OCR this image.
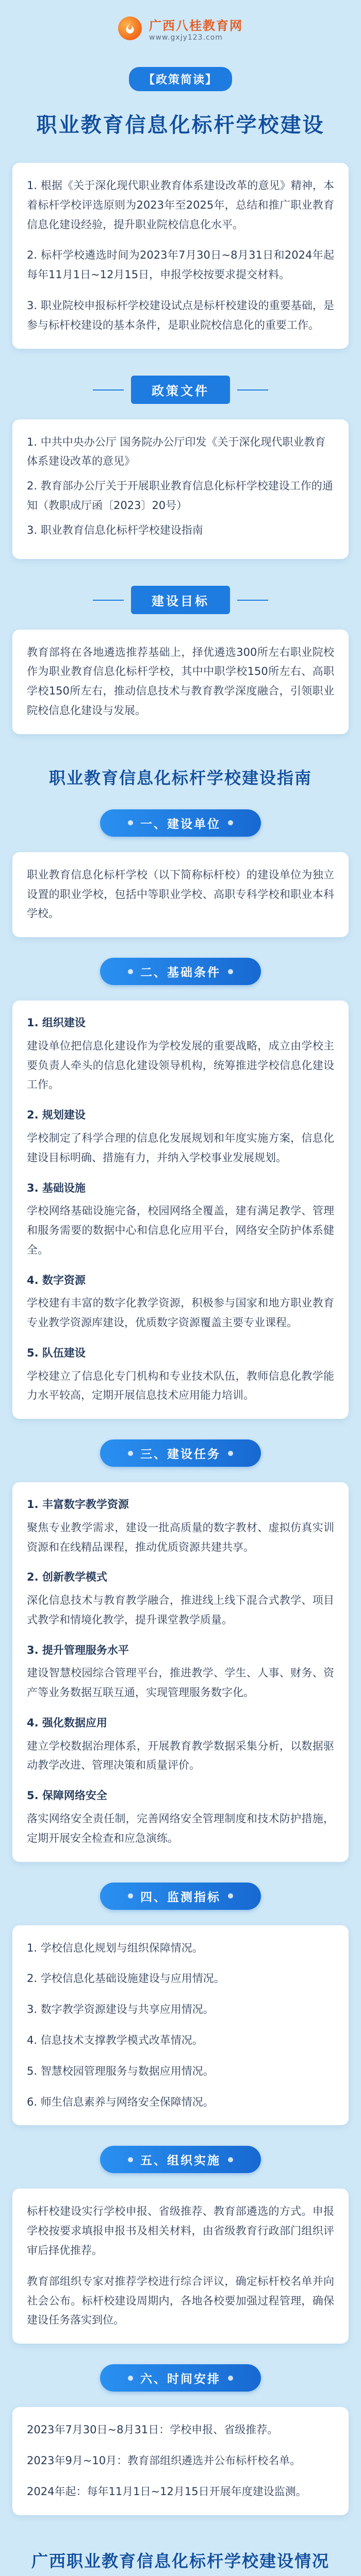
广西八桂教育网
www.gxjy123.com
【政策简读】
职业教育信息化标杆学校建设

1. 根据《关于深化现代职业教育体系建设改革的意见》精神，本着标杆学校评选原则为2023年至2025年，总结和推广职业教育信息化建设经验，提升职业院校信息化水平。

2. 标杆学校遴选时间为2023年7月30日~8月31日和2024年起每年11月1日~12月15日，申报学校按要求提交材料。

3. 职业院校申报标杆学校建设试点是标杆校建设的重要基础，是参与标杆校建设的基本条件，是职业院校信息化的重要工作。

政策文件
1. 中共中央办公厅 国务院办公厅印发《关于深化现代职业教育体系建设改革的意见》
2. 教育部办公厅关于开展职业教育信息化标杆学校建设工作的通知（教职成厅函〔2023〕20号）
3. 职业教育信息化标杆学校建设指南
建设目标

教育部将在各地遴选推荐基础上，择优遴选300所左右职业院校作为职业教育信息化标杆学校，其中中职学校150所左右、高职学校150所左右，推动信息技术与教育教学深度融合，引领职业院校信息化建设与发展。

职业教育信息化标杆学校建设指南
一、建设单位

职业教育信息化标杆学校（以下简称标杆校）的建设单位为独立设置的职业学校，包括中等职业学校、高职专科学校和职业本科学校。

二、基础条件

1. 组织建设

建设单位把信息化建设作为学校发展的重要战略，成立由学校主要负责人牵头的信息化建设领导机构，统筹推进学校信息化建设工作。

2. 规划建设

学校制定了科学合理的信息化发展规划和年度实施方案，信息化建设目标明确、措施有力，并纳入学校事业发展规划。

3. 基础设施

学校网络基础设施完备，校园网络全覆盖，建有满足教学、管理和服务需要的数据中心和信息化应用平台，网络安全防护体系健全。

4. 数字资源

学校建有丰富的数字化教学资源，积极参与国家和地方职业教育专业教学资源库建设，优质数字资源覆盖主要专业课程。

5. 队伍建设

学校建立了信息化专门机构和专业技术队伍，教师信息化教学能力水平较高，定期开展信息技术应用能力培训。

三、建设任务

1. 丰富数字教学资源

聚焦专业教学需求，建设一批高质量的数字教材、虚拟仿真实训资源和在线精品课程，推动优质资源共建共享。

2. 创新教学模式

深化信息技术与教育教学融合，推进线上线下混合式教学、项目式教学和情境化教学，提升课堂教学质量。

3. 提升管理服务水平

建设智慧校园综合管理平台，推进教学、学生、人事、财务、资产等业务数据互联互通，实现管理服务数字化。

4. 强化数据应用

建立学校数据治理体系，开展教育教学数据采集分析，以数据驱动教学改进、管理决策和质量评价。

5. 保障网络安全

落实网络安全责任制，完善网络安全管理制度和技术防护措施，定期开展安全检查和应急演练。

四、监测指标

1. 学校信息化规划与组织保障情况。

2. 学校信息化基础设施建设与应用情况。

3. 数字教学资源建设与共享应用情况。

4. 信息技术支撑教学模式改革情况。

5. 智慧校园管理服务与数据应用情况。

6. 师生信息素养与网络安全保障情况。

五、组织实施

标杆校建设实行学校申报、省级推荐、教育部遴选的方式。申报学校按要求填报申报书及相关材料，由省级教育行政部门组织评审后择优推荐。

教育部组织专家对推荐学校进行综合评议，确定标杆校名单并向社会公布。标杆校建设周期内，各地各校要加强过程管理，确保建设任务落实到位。

六、时间安排

2023年7月30日~8月31日：学校申报、省级推荐。

2023年9月~10月：教育部组织遴选并公布标杆校名单。

2024年起：每年11月1日~12月15日开展年度建设监测。

广西职业教育信息化标杆学校建设情况
